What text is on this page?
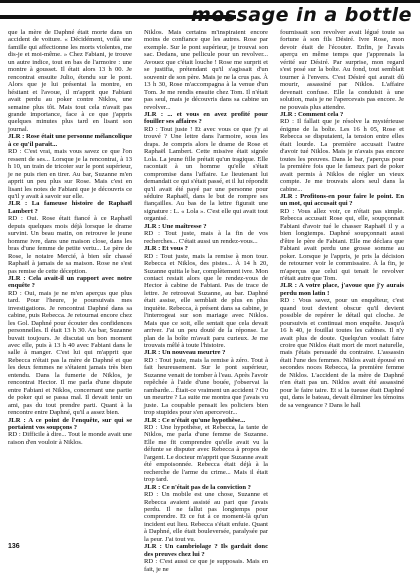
message in a bottle

que la mère de Daphné était morte dans un accident de voiture. « Décidément, voilà une famille qui affectionne les morts violentes, me dis-je et moi-même. » Chez Fabiani, je trouve un autre indice, tout en bas de l'armoire : une montre à gousset. Il était alors 13 h 00. Je rencontrai ensuite Julio, étendu sur le pont. Alors que je lui présentai la montre, en hésitant et l'avoue, il m'apprit que Fabiani avait perdu au poker contre Niklos, une semaine plus tôt. Mais tout cela n'avait pas grande importance, face à ce que j'appris quelques minutes plus tard en lisant son journal.

JLR : Rose était une personne mélancolique à ce qu'il paraît...

RD : C'est vrai, mais vous savez ce que l'on ressent de ses... Lorsque je la rencontrai, à 13 h 10, un train de tricoter sur le pont supérieur, je ne puis rien en tirer. Au bar, Suzanne m'en apprit un peu plus sur Rose. Mais c'est en lisant les notes de Fabiani que je découvris ce qu'il y avait à savoir sur elle.

JLR : La fameuse histoire de Raphaël Lambert ?

RD : Oui. Rose était fiancé à ce Raphaël depuis quelques mois déjà lorsque le drame survint. Un beau matin, on retrouve le jeune homme ivre, dans une maison close, dans les bras d'une femme de petite vertu... Le père de Rose, le notaire Mercié, à bien sûr chassé Raphaël à jamais de sa maison. Rose ne s'est pas remise de cette déception.

JLR : Cela avait-il un rapport avec notre enquête ?

RD : Oui, mais je ne m'en aperçus que plus tard. Pour l'heure, je poursuivais mes investigations. Je rencontrai Daphné dans sa cabine, puis Rebecca. Je retournai encore chez les Gol. Daphné pour écouter des confidences personnelles. Il était 13 h 30. Au bar, Suzanne buvait toujours. Je discutai un bon moment avec elle, puis à 13 h 40 avec Fabiani dans le salle à manger. C'est lui qui m'apprit que Rebecca n'était pas la mère de Daphné et que les deux femmes ne s'étaient jamais très bien entendu. Dans la fumerie de Niklos, je rencontrai Hector. Il me parla d'une dispute entre Fabiani et Niklos, concernant une partie de poker qui se passa mal. Il devait tenir un ami, pas du tout prendre parti. Quant à la rencontre entre Daphné, qu'il a assez bien.

JLR : A ce point de l'enquête, sur qui se portaient vos soupçons ?

RD : Difficile à dire... Tout le monde avait une raison d'en vouloir à Niklos.

Niklos. Mais certains m'inspiraient encore moins de confiance que les autres. Rose par exemple. Sur le pont supérieur, je trouvai son sac. Dedans, une pellicule pour un revolver... Avouez que c'était louche ! Rose me surprit et se justifia, prétendant qu'il s'agissait d'un souvenir de son père. Mais je ne la crus pas. À 13 h 30, Rose m'accompagna à la venue d'un Tom. Je me rendis ensuite chez Tom. Il n'était pas seul, mais je découvris dans sa cabine un revolver...

JLR : ... et vous en avez profité pour fouiller ses affaires ?

RD : Tout juste ! Et avec vous ce que j'y ai trouvé ? Une lettre dans l'armoire, sous les draps. Je compris alors le drame de Rose et Raphaël Lambert. Cette missive était signée Lola. La jeune fille prétait qu'un tragique. Elle racontait à un homme qu'elle s'était compromise dans l'affaire. Le lieutenant lui demandait ce qui s'était passé, et il lui répondit qu'il avait été payé par une personne pour séduire Raphaël, dans le but de rompre ses fiançailles. Au bas de la lettre figurait une signature : L. « Lola ». C'est elle qui avait tout organisé.

JLR : Une maîtresse ?

RD : Tout juste, mais à la fin de vos recherches... C'était aussi un rendez-vous...

JLR : Et vous ?

RD : Tout juste, mais la remise à mon tour. Rebecca et Niklos, des pistes... À 14 h 20, Suzanne quitta le bar, complètement ivre. Mon contact restait alors que le rendez-vous de Hector à cabine de Fabiani. Pas de trace de lettre. Je retrouvai Suzanne, au bar. Daphné était assise, elle semblait de plus en plus inquiète. Rebecca, à présent dans sa cabine, je l'interrogeai sur son mariage avec Niklos. Mais que ce soit, elle sentait que cela devait arriver. J'ai un peu douté de la réponse. Le plan de la boîte m'avait paru curieux. Je me trouvais mêlé à toute l'histoire.

JLR : Un nouveau meurtre ?

RD : Tout juste, mais la remise à zéro. Tout à fait heureusement. Sur le pont supérieur, Suzanne venait de tomber à l'eau. Après l'avoir repêchée à l'aide d'une bouée, j'observai la rambarde... Était-ce vraiment un accident ? Ou un meurtre ? La suite me montra que j'avais vu juste. La coupable pensait les policiers bien trop stupides pour s'en apercevoir...

JLR : Ce n'était qu'une hypothèse...

RD : Une hypothèse, et Rebecca, la tante de Niklos, me parla d'une femme de Suzanne. Elle me fit comprendre qu'elle avait vu la défunte se disputer avec Rebecca à propos de l'argent. Le docteur m'apprit que Suzanne avait été empoisonnée. Rebecca était déjà à la recherche de l'arme du crime... Mais il était trop tard.

JLR : Ce n'était pas de la conviction ?

RD : Un mobile est une chose, Suzanne et Rebecca avaient assisté au pari que j'avais perdu. Il ne fallut pas longtemps pour comprendre. Et ce fut à ce moment-là qu'un incident eut lieu. Rebecca s'était enfuie. Quant à Daphné, elle était bouleversée, paralysée par la peur. J'ai tout vu.

JLR : Un cambriolage ? Ils gardait donc des preuves chez lui ?

RD : C'est aussi ce que je supposais. Mais en fait, je ne

fournissait son revolver avait légué toute sa fortune à son fils Désiré. Ivre Rose, mon devoir était de l'écouter. Enfin, je l'avais aperçu en même temps que j'apprenais la vérité sur Désiré. Par surprise, mon regard s'est posé sur la boîte. Au fond, tout semblait tourner à l'envers. C'est Désiré qui aurait dû mourir, assassiné par Niklos. L'affaire devenait confuse. Elle la conduisit à une solution, mais je ne l'apercevais pas encore. Je ne pouvais plus attendre.

JLR : Comment cela ?

RD : Il fallait que je résolve la mystérieuse énigme de la boîte. Les 16 h 05, Rose et Rebecca se disputaient, la tension entre elles était lourde. La première accusait l'autre d'avoir tué Niklos. Mais je n'avais pas encore toutes les preuves. Dans le bar, j'aperçus pour la première fois que le fameux pari de poker avait permis à Niklos de régler un vieux compte. Je me trouvais alors seul dans la cabine...

JLR : Profitons-en pour faire le point. En un mot, qui accusait qui ?

RD : Vous allez voir, ce n'était pas simple. Rebecca accusait Rose qui, elle, soupçonnait Fabiani d'avoir tué le chasser Raphaël il y a bien longtemps. Daphné soupçonnait aussi d'être le père de Fabiani. Elle me déclara que Fabiani avait perdu une grosse somme au poker. Lorsque je l'appris, je pris la décision de retourner voir le commissaire. À la fin, je m'aperçus que celui qui tenait le revolver n'était autre que Tom.

JLR : A votre place, j'avoue que j'y aurais perdu mon latin !

RD : Vous savez, pour un enquêteur, c'est quand tout devient obscur qu'il devient possible de repérer le détail qui cloche. Je poursuivis et continuai mon enquête. Jusqu'à 16 h 40, je fouillai toutes les cabines. Il n'y avait plus de doute. Quelqu'un voulait faire croire que Niklos était mort de mort naturelle, mais j'étais persuadé du contraire. L'assassin était l'une des femmes. Niklos avait épousé en secondes noces Rebecca, la première femme de Niklos. L'accident de la mère de Daphné n'en était pas un. Niklos avait été assassiné pour le faire taire. Et si la tueuse était Daphné qui, dans le bateau, devait éliminer les témoins de sa vengeance ? Dans le hall

136
